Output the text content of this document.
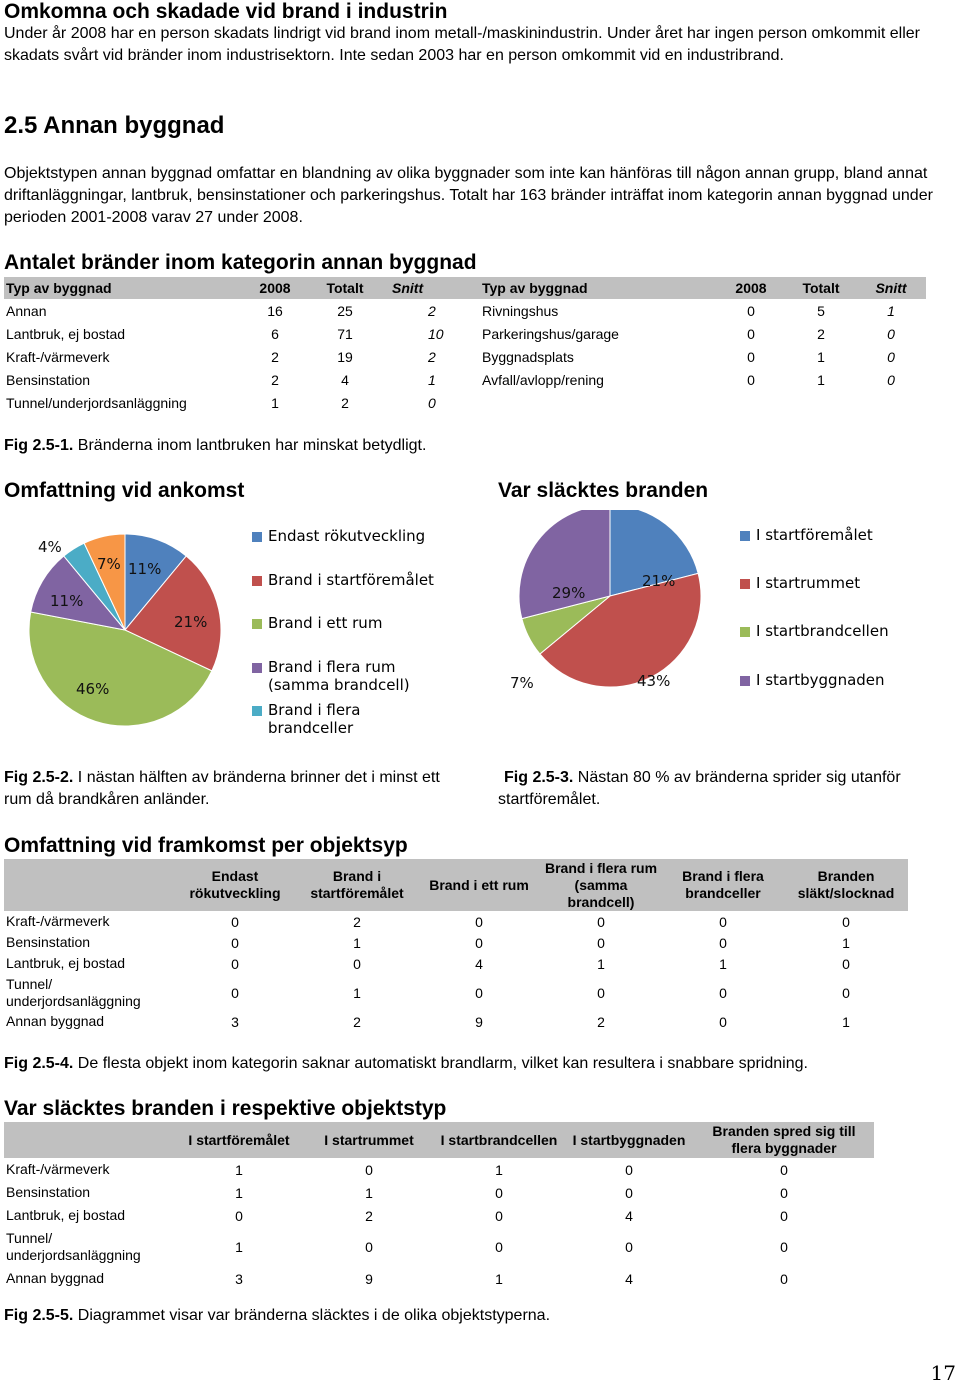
Omkomna och skadade vid brand i industrin

Under år 2008 har en person skadats lindrigt vid brand inom metall-/maskinindustrin. Under året har ingen person omkommit eller skadats svårt vid bränder inom industrisektorn. Inte sedan 2003 har en person omkommit vid en industribrand.

2.5 Annan byggnad

Objektstypen annan byggnad omfattar en blandning av olika byggnader som inte kan hänföras till någon annan grupp, bland annat driftanläggningar, lantbruk, bensinstationer och parkeringshus. Totalt har 163 bränder inträffat inom kategorin annan byggnad under perioden 2001-2008 varav 27 under 2008.

Antalet bränder inom kategorin annan byggnad
Typ av byggnad	2008	Totalt	Snitt	Typ av byggnad	2008	Totalt	Snitt
Annan	16	25	2	Rivningshus	0	5	1
Lantbruk, ej bostad	6	71	10	Parkeringshus/garage	0	2	0
Kraft-/värmeverk	2	19	2	Byggnadsplats	0	1	0
Bensinstation	2	4	1	Avfall/avlopp/rening	0	1	0
Tunnel/underjordsanläggning	1	2	0				
Fig 2.5-1. Bränderna inom lantbruken har minskat betydligt.
Omfattning vid ankomst	Var släcktes branden
11%
21%
46%
11%
4%
7%
Endast rökutveckling
Brand i startföremålet
Brand i ett rum
Brand i flera rum
(samma brandcell)
Brand i flera
brandceller
21%
43%
7%
29%
I startföremålet
I startrummet
I startbrandcellen
I startbyggnaden
Fig 2.5-2. I nästan hälften av bränderna brinner det i minst ett rum då brandkåren anländer.
Fig 2.5-3. Nästan 80 % av bränderna sprider sig utanför startföremålet.
Omfattning vid framkomst per objektsyp
	Endast rökutveckling	Brand i startföremålet	Brand i ett rum	Brand i flera rum (samma brandcell)	Brand i flera brandceller	Branden släkt/slocknad
Kraft-/värmeverk	0	2	0	0	0	0
Bensinstation	0	1	0	0	0	1
Lantbruk, ej bostad	0	0	4	1	1	0
Tunnel/ underjordsanläggning	0	1	0	0	0	0
Annan byggnad	3	2	9	2	0	1
Fig 2.5-4. De flesta objekt inom kategorin saknar automatiskt brandlarm, vilket kan resultera i snabbare spridning.
Var släcktes branden i respektive objektstyp
	I startföremålet	I startrummet	I startbrandcellen	I startbyggnaden	Branden spred sig till flera byggnader
Kraft-/värmeverk	1	0	1	0	0
Bensinstation	1	1	0	0	0
Lantbruk, ej bostad	0	2	0	4	0
Tunnel/ underjordsanläggning	1	0	0	0	0
Annan byggnad	3	9	1	4	0
Fig 2.5-5. Diagrammet visar var bränderna släcktes i de olika objektstyperna.
17
